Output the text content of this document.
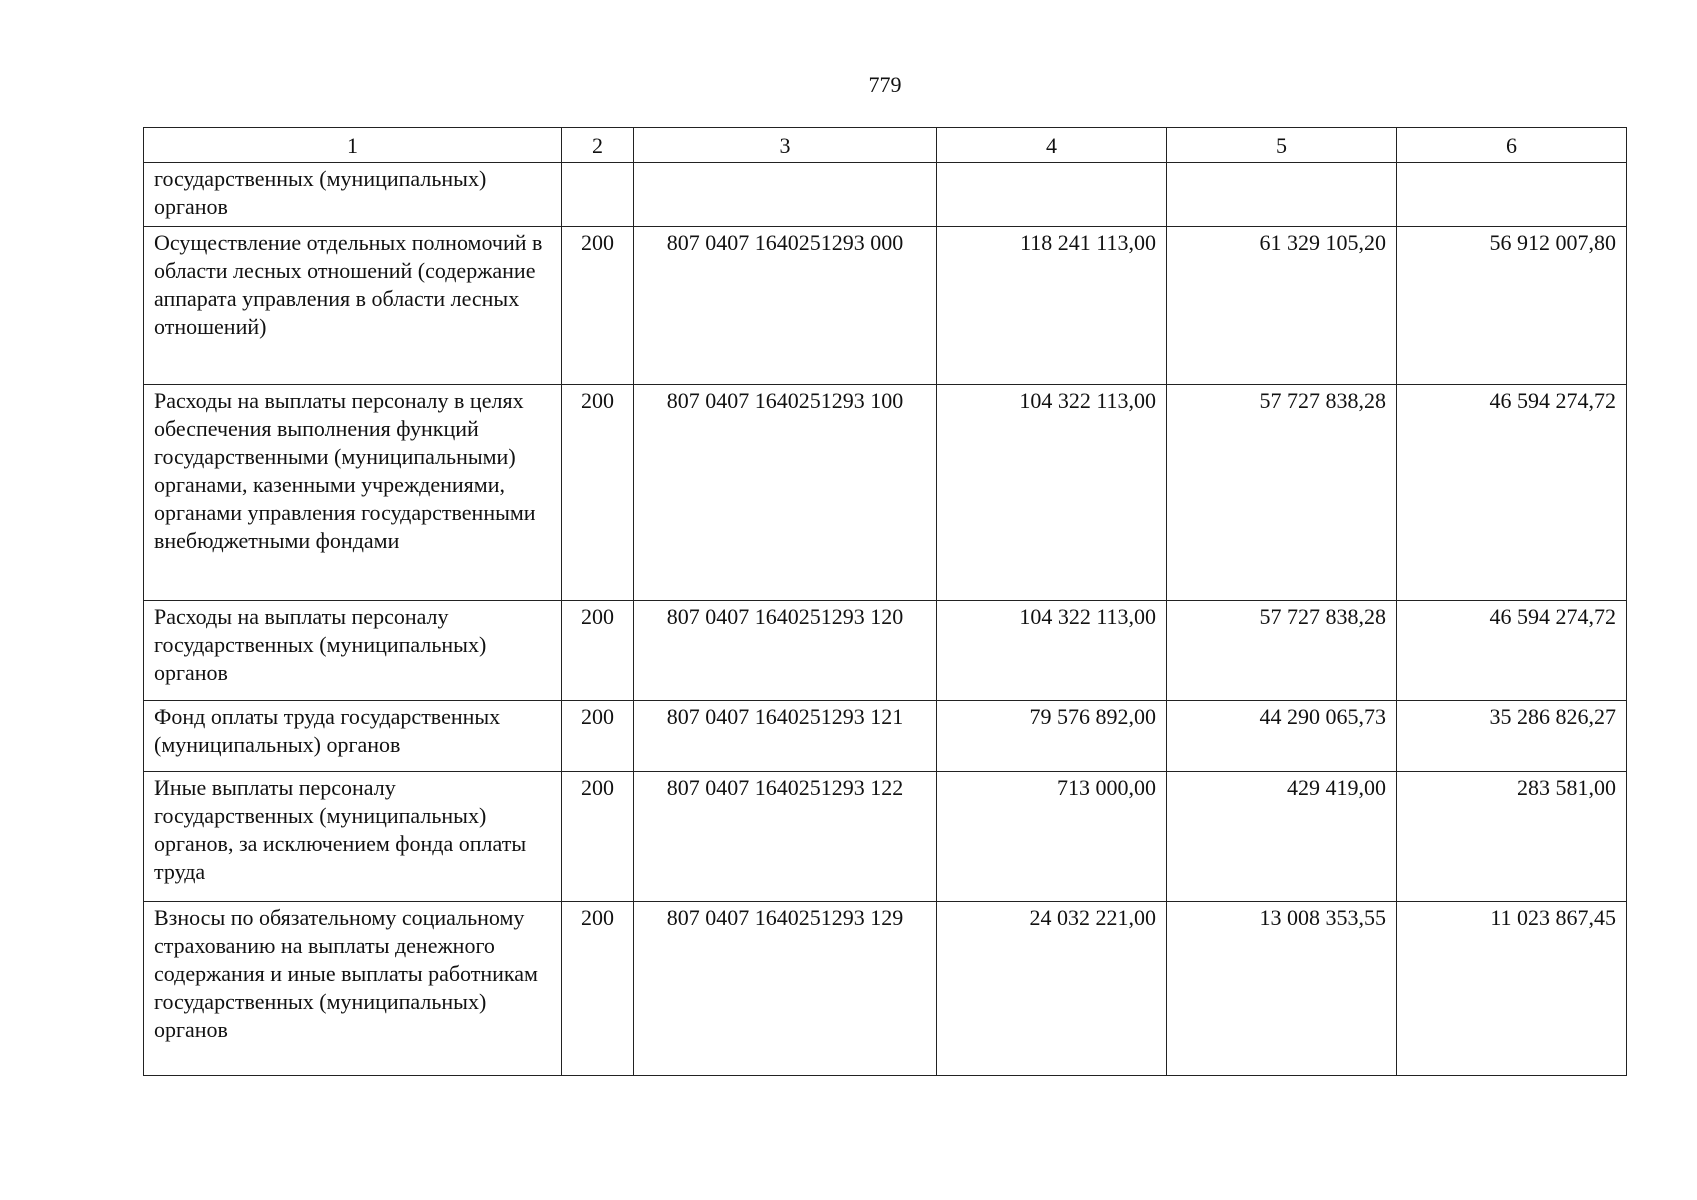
779
1	2	3	4	5	6
государственных (муниципальных) органов					
Осуществление отдельных полномочий в области лесных отношений (содержание аппарата управления в области лесных отношений)	200	807 0407 1640251293 000	118 241 113,00	61 329 105,20	56 912 007,80
Расходы на выплаты персоналу в целях обеспечения выполнения функций государственными (муниципальными) органами, казенными учреждениями, органами управления государственными внебюджетными фондами	200	807 0407 1640251293 100	104 322 113,00	57 727 838,28	46 594 274,72
Расходы на выплаты персоналу государственных (муниципальных) органов	200	807 0407 1640251293 120	104 322 113,00	57 727 838,28	46 594 274,72
Фонд оплаты труда государственных (муниципальных) органов	200	807 0407 1640251293 121	79 576 892,00	44 290 065,73	35 286 826,27
Иные выплаты персоналу государственных (муниципальных) органов, за исключением фонда оплаты труда	200	807 0407 1640251293 122	713 000,00	429 419,00	283 581,00
Взносы по обязательному социальному страхованию на выплаты денежного содержания и иные выплаты работникам государственных (муниципальных) органов	200	807 0407 1640251293 129	24 032 221,00	13 008 353,55	11 023 867,45
